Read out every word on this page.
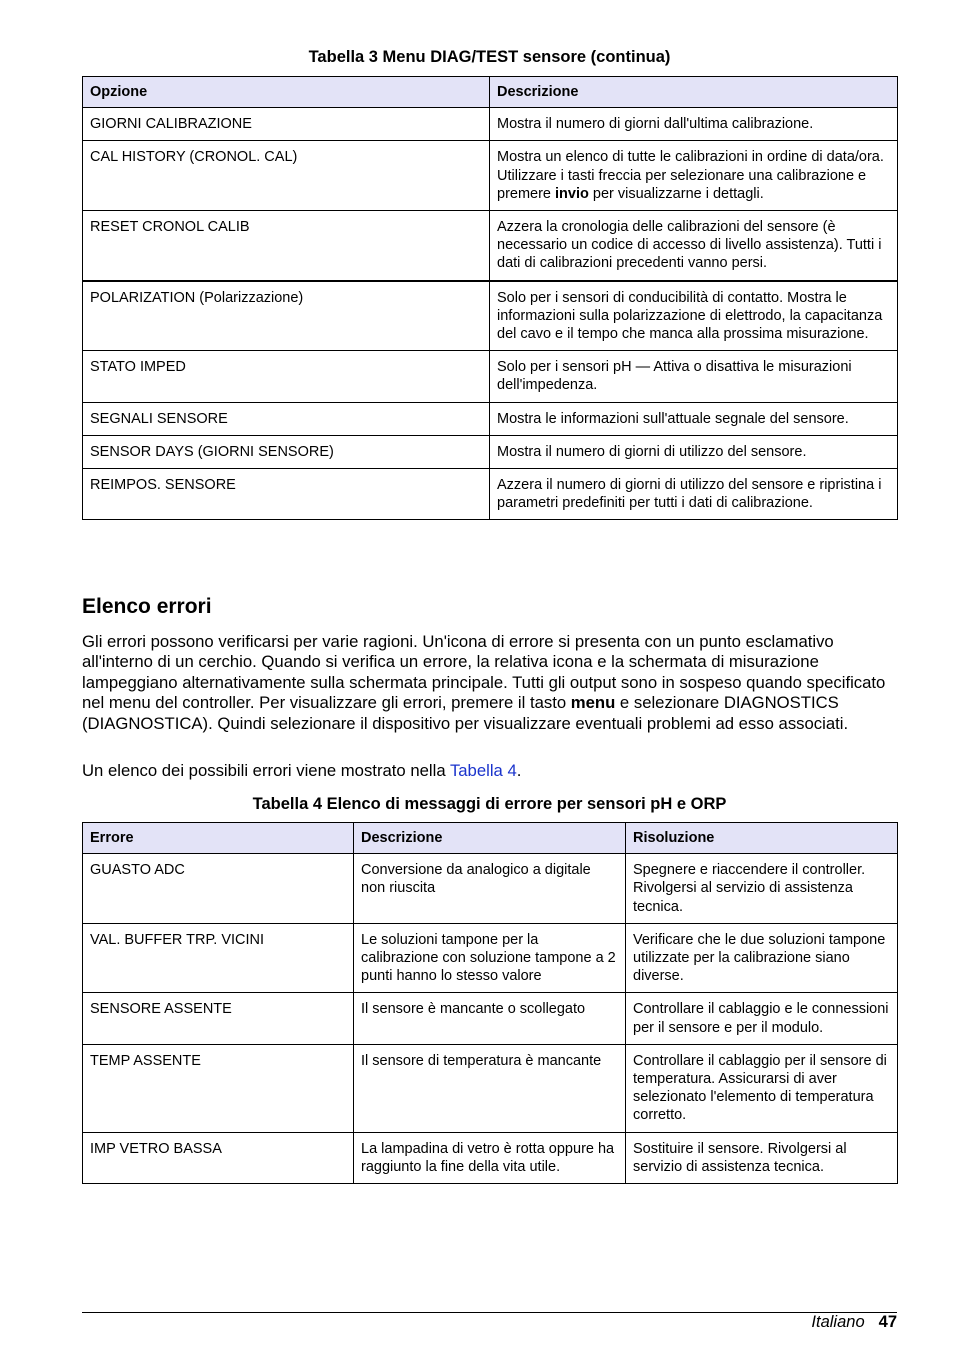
Tabella 3 Menu DIAG/TEST sensore (continua)
Opzione	Descrizione
GIORNI CALIBRAZIONE	Mostra il numero di giorni dall'ultima calibrazione.
CAL HISTORY (CRONOL. CAL)	Mostra un elenco di tutte le calibrazioni in ordine di data/ora. Utilizzare i tasti freccia per selezionare una calibrazione e premere invio per visualizzarne i dettagli.
RESET CRONOL CALIB	Azzera la cronologia delle calibrazioni del sensore (è necessario un codice di accesso di livello assistenza). Tutti i dati di calibrazioni precedenti vanno persi.
POLARIZATION (Polarizzazione)	Solo per i sensori di conducibilità di contatto. Mostra le informazioni sulla polarizzazione di elettrodo, la capacitanza del cavo e il tempo che manca alla prossima misurazione.
STATO IMPED	Solo per i sensori pH — Attiva o disattiva le misurazioni dell'impedenza.
SEGNALI SENSORE	Mostra le informazioni sull'attuale segnale del sensore.
SENSOR DAYS (GIORNI SENSORE)	Mostra il numero di giorni di utilizzo del sensore.
REIMPOS. SENSORE	Azzera il numero di giorni di utilizzo del sensore e ripristina i parametri predefiniti per tutti i dati di calibrazione.
Elenco errori

Gli errori possono verificarsi per varie ragioni. Un'icona di errore si presenta con un punto esclamativo all'interno di un cerchio. Quando si verifica un errore, la relativa icona e la schermata di misurazione lampeggiano alternativamente sulla schermata principale. Tutti gli output sono in sospeso quando specificato nel menu del controller. Per visualizzare gli errori, premere il tasto menu e selezionare DIAGNOSTICS (DIAGNOSTICA). Quindi selezionare il dispositivo per visualizzare eventuali problemi ad esso associati.

Un elenco dei possibili errori viene mostrato nella Tabella 4.

Tabella 4 Elenco di messaggi di errore per sensori pH e ORP
Errore	Descrizione	Risoluzione
GUASTO ADC	Conversione da analogico a digitale non riuscita	Spegnere e riaccendere il controller. Rivolgersi al servizio di assistenza tecnica.
VAL. BUFFER TRP. VICINI	Le soluzioni tampone per la calibrazione con soluzione tampone a 2 punti hanno lo stesso valore	Verificare che le due soluzioni tampone utilizzate per la calibrazione siano diverse.
SENSORE ASSENTE	Il sensore è mancante o scollegato	Controllare il cablaggio e le connessioni per il sensore e per il modulo.
TEMP ASSENTE	Il sensore di temperatura è mancante	Controllare il cablaggio per il sensore di temperatura. Assicurarsi di aver selezionato l'elemento di temperatura corretto.
IMP VETRO BASSA	La lampadina di vetro è rotta oppure ha raggiunto la fine della vita utile.	Sostituire il sensore. Rivolgersi al servizio di assistenza tecnica.
Italiano 47
